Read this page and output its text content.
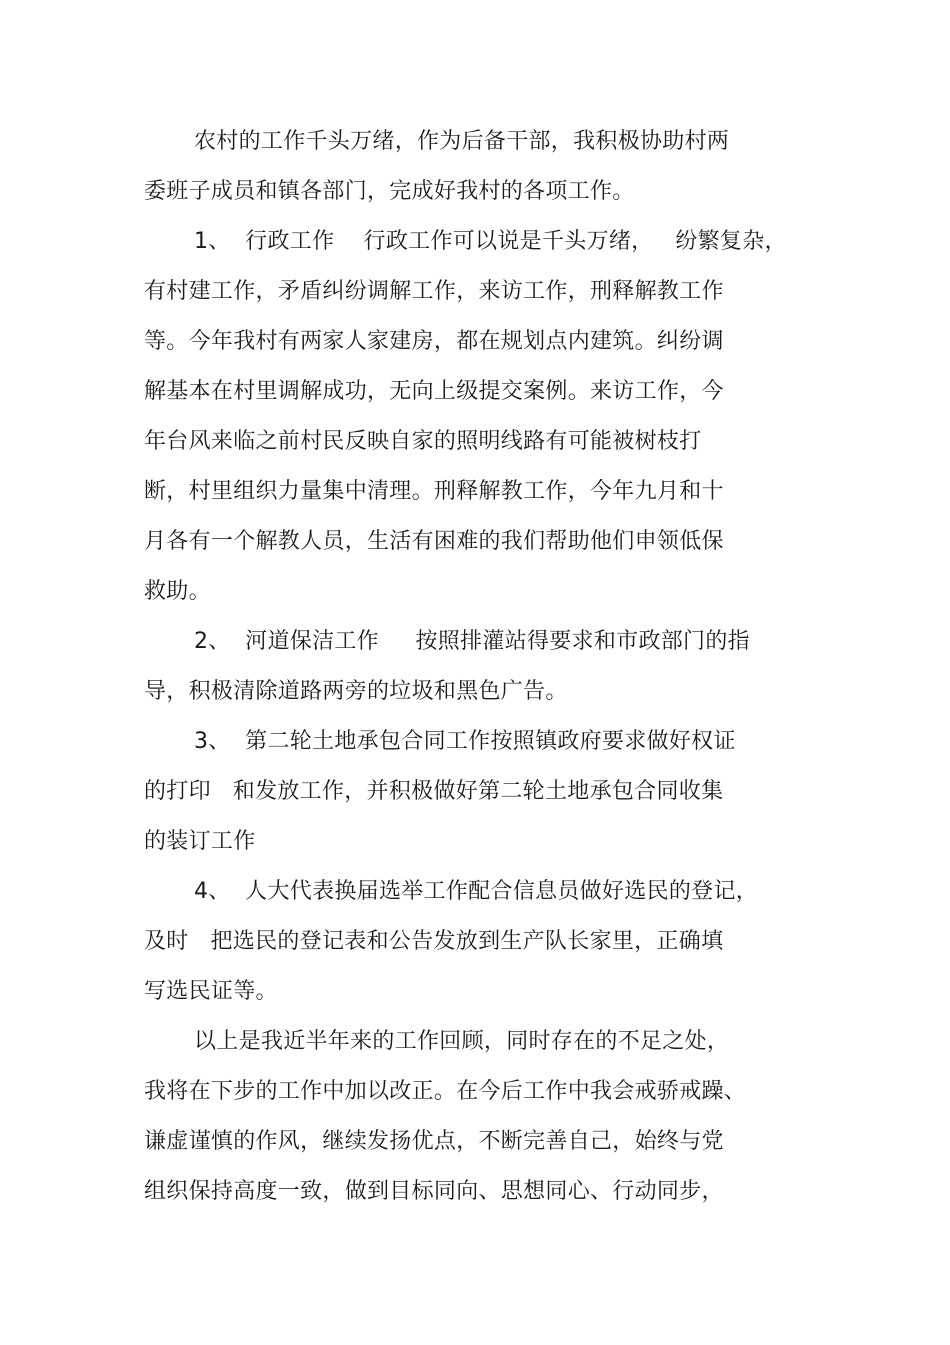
农村的工作千头万绪，作为后备干部，我积极协助村两
委班子成员和镇各部门，完成好我村的各项工作。
1、  行政工作    行政工作可以说是千头万绪，   纷繁复杂，
有村建工作，矛盾纠纷调解工作，来访工作，刑释解教工作
等。今年我村有两家人家建房，都在规划点内建筑。纠纷调
解基本在村里调解成功，无向上级提交案例。来访工作，今
年台风来临之前村民反映自家的照明线路有可能被树枝打
断，村里组织力量集中清理。刑释解教工作，今年九月和十
月各有一个解教人员，生活有困难的我们帮助他们申领低保
救助。
2、  河道保洁工作     按照排灌站得要求和市政部门的指
导，积极清除道路两旁的垃圾和黑色广告。
3、  第二轮土地承包合同工作按照镇政府要求做好权证
的打印   和发放工作，并积极做好第二轮土地承包合同收集
的装订工作
4、  人大代表换届选举工作配合信息员做好选民的登记，
及时   把选民的登记表和公告发放到生产队长家里，正确填
写选民证等。
以上是我近半年来的工作回顾，同时存在的不足之处，
我将在下步的工作中加以改正。在今后工作中我会戒骄戒躁、
谦虚谨慎的作风，继续发扬优点，不断完善自己，始终与党
组织保持高度一致，做到目标同向、思想同心、行动同步，
